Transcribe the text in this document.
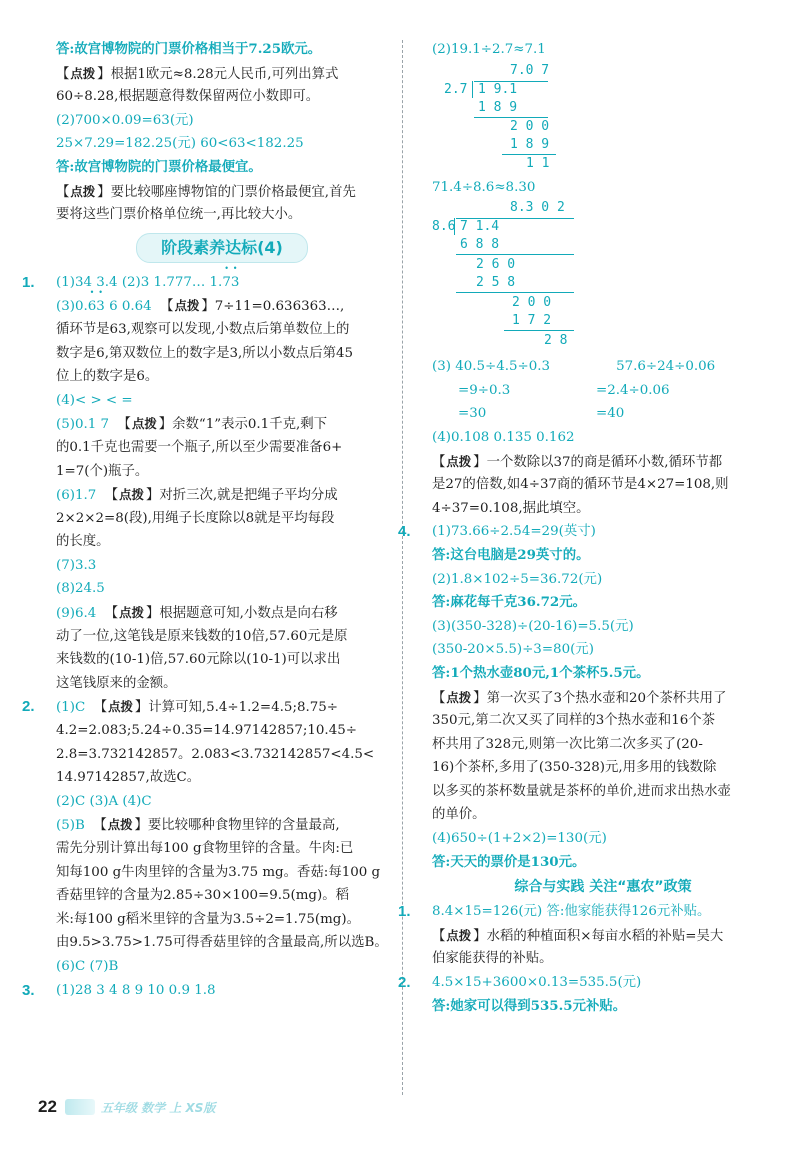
答:故宫博物院的门票价格相当于7.25欧元。
【点拨 】根据1欧元≈8.28元人民币,可列出算式
60÷8.28,根据题意得数保留两位小数即可。
(2)700×0.09=63(元)
25×7.29=182.25(元) 60<63<182.25
答:故宫博物院的门票价格最便宜。
【点拨 】要比较哪座博物馆的门票价格最便宜,首先
要将这些门票价格单位统一,再比较大小。
阶段素养达标(4)
1. (1)34 3.4 (2)3 1.777… 1.• 7• 3
(3)0.• 6• 3 6 0.64  【点拨 】7÷11=0.636363…,
循环节是63,观察可以发现,小数点后第单数位上的
数字是6,第双数位上的数字是3,所以小数点后第45
位上的数字是6。
(4)< > < =
(5)0.1 7  【点拨 】余数“1”表示0.1千克,剩下
的0.1千克也需要一个瓶子,所以至少需要准备6+
1=7(个)瓶子。
(6)1.7  【点拨 】对折三次,就是把绳子平均分成
2×2×2=8(段),用绳子长度除以8就是平均每段
的长度。
(7)3.3
(8)24.5
(9)6.4  【点拨 】根据题意可知,小数点是向右移
动了一位,这笔钱是原来钱数的10倍,57.60元是原
来钱数的(10-1)倍,57.60元除以(10-1)可以求出
这笔钱原来的金额。
2. (1)C  【点拨 】计算可知,5.4÷1.2=4.5;8.75÷
4.2=2.083;5.24÷0.35=14.97142857;10.45÷
2.8=3.732142857。2.083<3.732142857<4.5<
14.97142857,故选C。
(2)C (3)A (4)C
(5)B  【点拨 】要比较哪种食物里锌的含量最高,
需先分别计算出每100 g食物里锌的含量。牛肉:已
知每100 g牛肉里锌的含量为3.75 mg。香菇:每100 g
香菇里锌的含量为2.85÷30×100=9.5(mg)。稻
米:每100 g稻米里锌的含量为3.5÷2=1.75(mg)。
由9.5>3.75>1.75可得香菇里锌的含量最高,所以选B。
(6)C (7)B
3. (1)28 3 4 8 9 10 0.9 1.8
(2)19.1÷2.7≈7.1
7.0 7
2.7 1 9.1
1 8 9
2 0 0
1 8 9
1 1
71.4÷8.6≈8.30
8.3 0 2
8.6 7 1.4
6 8 8
2 6 0
2 5 8
2 0 0
1 7 2
2 8
(3) 40.5÷4.5÷0.3	57.6÷24÷0.06
=9÷0.3	=2.4÷0.06
=30	=40
(4)0.108 0.135 0.162
【点拨 】一个数除以37的商是循环小数,循环节都
是27的倍数,如4÷37商的循环节是4×27=108,则
4÷37=0.108,据此填空。
4. (1)73.66÷2.54=29(英寸)
答:这台电脑是29英寸的。
(2)1.8×102÷5=36.72(元)
答:麻花每千克36.72元。
(3)(350-328)÷(20-16)=5.5(元)
(350-20×5.5)÷3=80(元)
答:1个热水壶80元,1个茶杯5.5元。
【点拨 】第一次买了3个热水壶和20个茶杯共用了
350元,第二次又买了同样的3个热水壶和16个茶
杯共用了328元,则第一次比第二次多买了(20-
16)个茶杯,多用了(350-328)元,用多用的钱数除
以多买的茶杯数量就是茶杯的单价,进而求出热水壶
的单价。
(4)650÷(1+2×2)=130(元)
答:天天的票价是130元。
综合与实践 关注“惠农”政策
1. 8.4×15=126(元) 答:他家能获得126元补贴。
【点拨 】水稻的种植面积×每亩水稻的补贴=吴大
伯家能获得的补贴。
2. 4.5×15+3600×0.13=535.5(元)
答:她家可以得到535.5元补贴。
22	五年级 数学 上 XS版
